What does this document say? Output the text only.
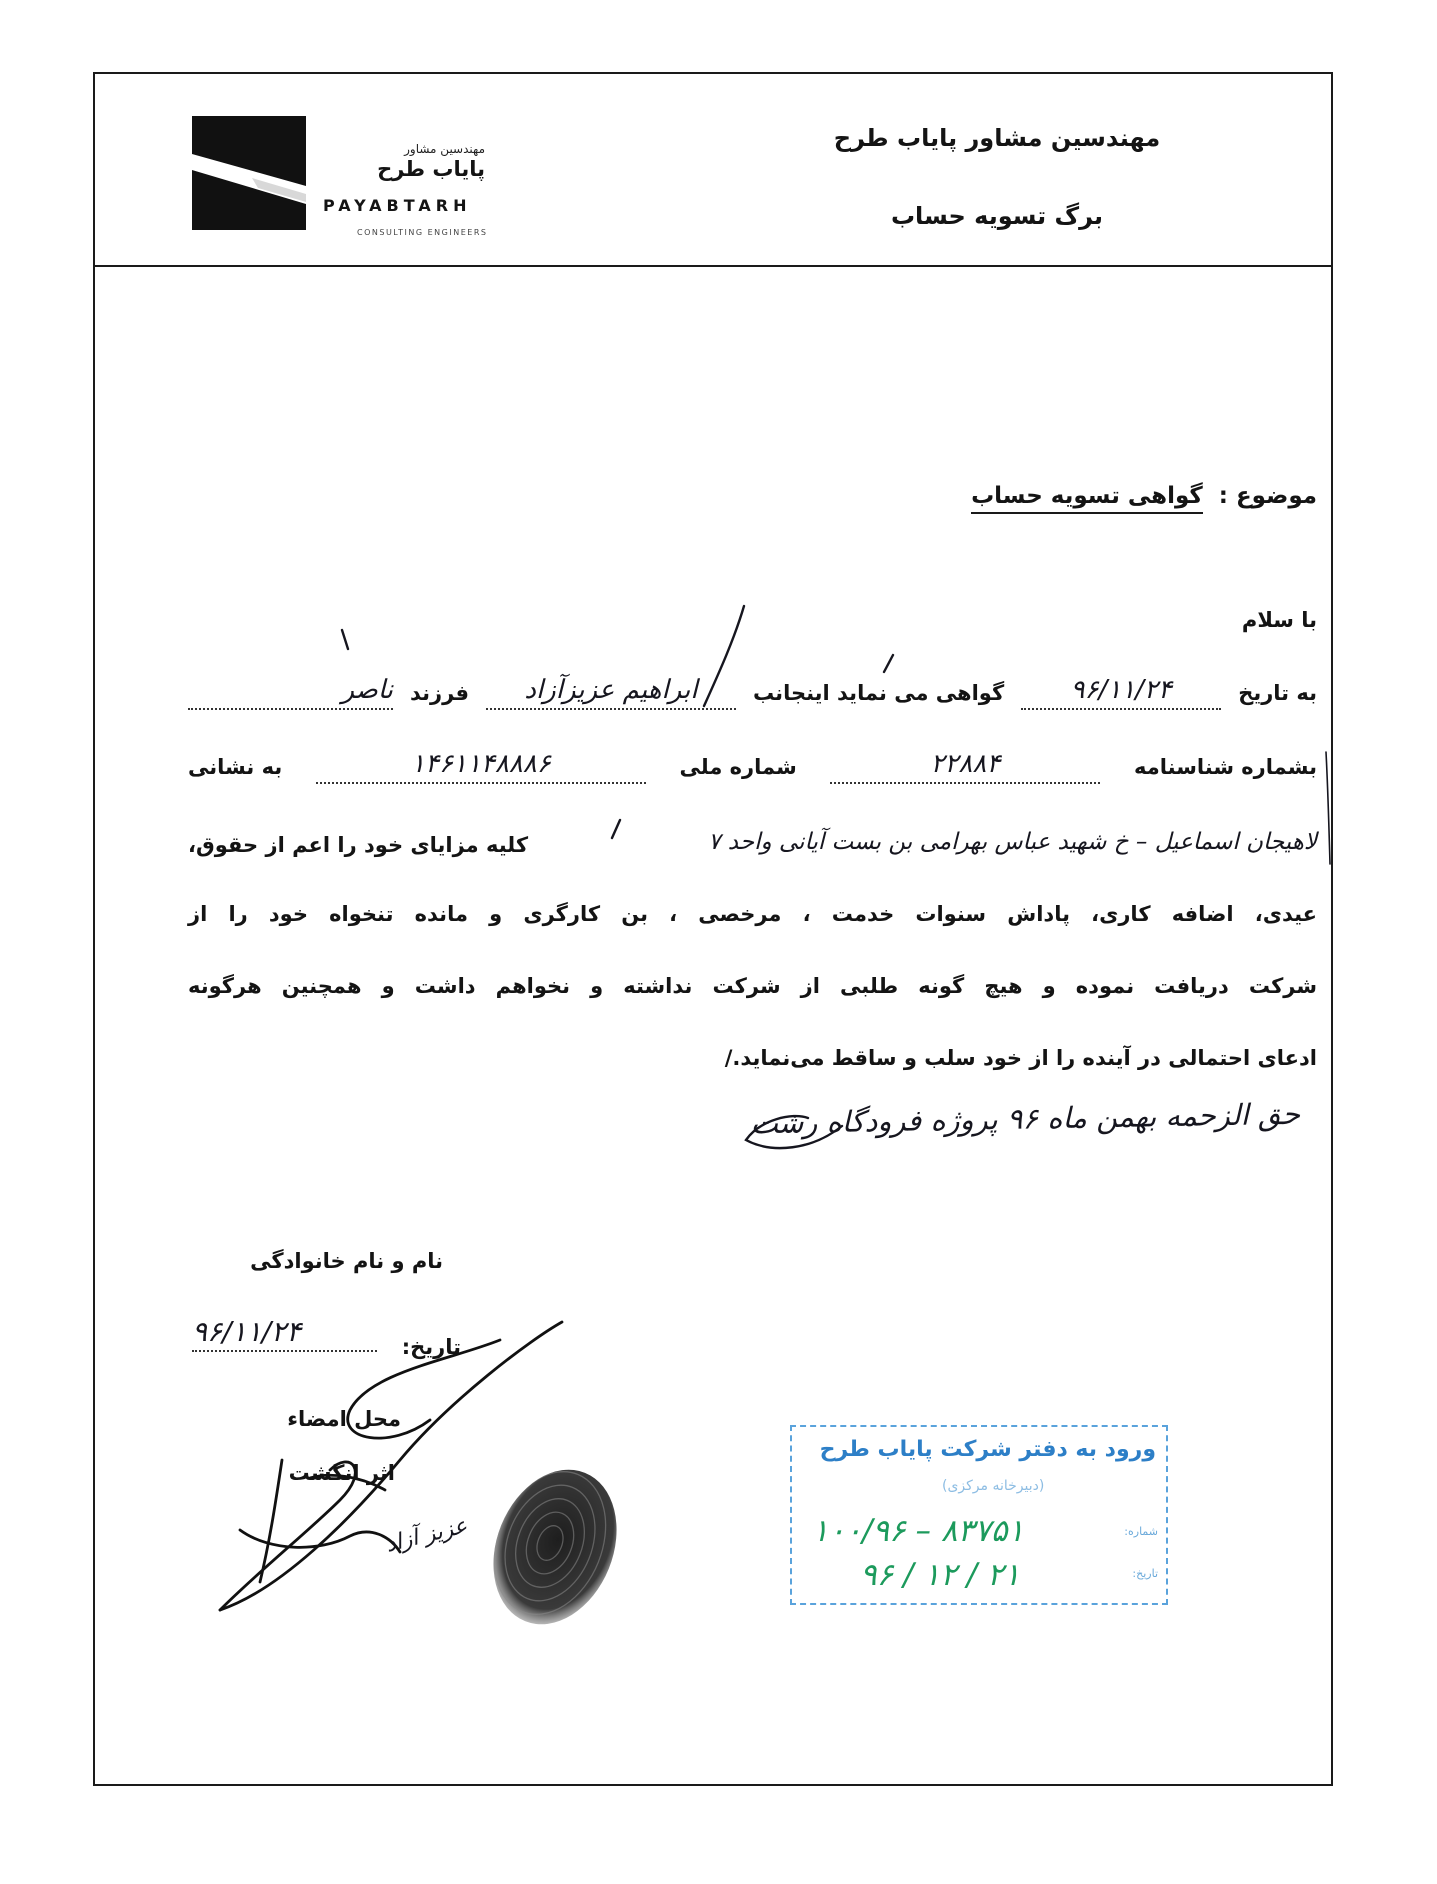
مهندسین مشاور پایاب طرح
برگ تسویه حساب
مهندسین مشاور
پایاب طرح
PAYABTARH
CONSULTING ENGINEERS
موضوع : گواهی تسویه حساب
با سلام
به تاریخ
۹۶/۱۱/۲۴
گواهی می نماید اینجانب
ابراهیم عزیزآزاد
فرزند
ناصر
بشماره شناسنامه
۲۲۸۸۴
شماره ملی
۱۴۶۱۱۴۸۸۸۶
به نشانی
لاهیجان اسماعیل – خ شهید عباس بهرامی بن بست آیانی واحد ۷
کلیه مزایای خود را اعم از حقوق،
عیدی، اضافه کاری، پاداش سنوات خدمت ، مرخصی ، بن کارگری و مانده تنخواه خود را از
شرکت دریافت نموده و هیچ گونه طلبی از شرکت نداشته و نخواهم داشت و همچنین هرگونه
ادعای احتمالی در آینده را از خود سلب و ساقط می‌نماید./
حق الزحمه بهمن ماه ۹۶ پروژه فرودگاه رشت
نام و نام خانوادگی
تاریخ:
۹۶/۱۱/۲۴
محل امضاء
اثر انگشت
عزیز آزاد
ورود به دفتر شرکت پایاب طرح
(دبیرخانه مرکزی)
شماره:
تاریخ:
۱۰۰/۹۶ – ۸۳۷۵۱
۹۶ / ۱۲ / ۲۱
